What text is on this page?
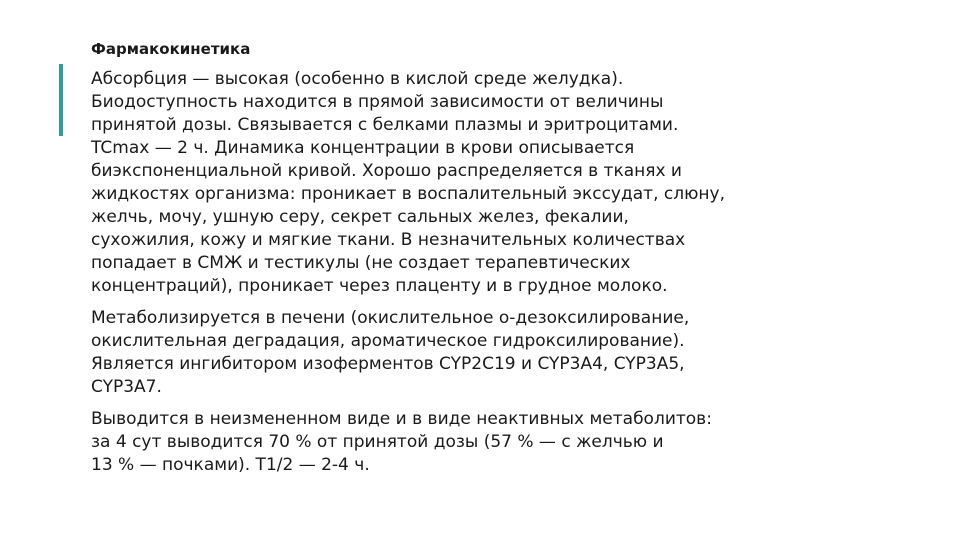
Фармакокинетика

Абсорбция — высокая (особенно в кислой среде желудка).
Биодоступность находится в прямой зависимости от величины
принятой дозы. Связывается с белками плазмы и эритроцитами.
TCmax — 2 ч. Динамика концентрации в крови описывается
биэкспоненциальной кривой. Хорошо распределяется в тканях и
жидкостях организма: проникает в воспалительный экссудат, слюну,
желчь, мочу, ушную серу, секрет сальных желез, фекалии,
сухожилия, кожу и мягкие ткани. В незначительных количествах
попадает в СМЖ и тестикулы (не создает терапевтических
концентраций), проникает через плаценту и в грудное молоко.

Метаболизируется в печени (окислительное о-дезоксилирование,
окислительная деградация, ароматическое гидроксилирование).
Является ингибитором изоферментов CYP2C19 и CYP3A4, CYP3A5,
CYP3A7.

Выводится в неизмененном виде и в виде неактивных метаболитов:
за 4 сут выводится 70 % от принятой дозы (57 % — с желчью и
13 % — почками). T1/2 — 2-4 ч.
